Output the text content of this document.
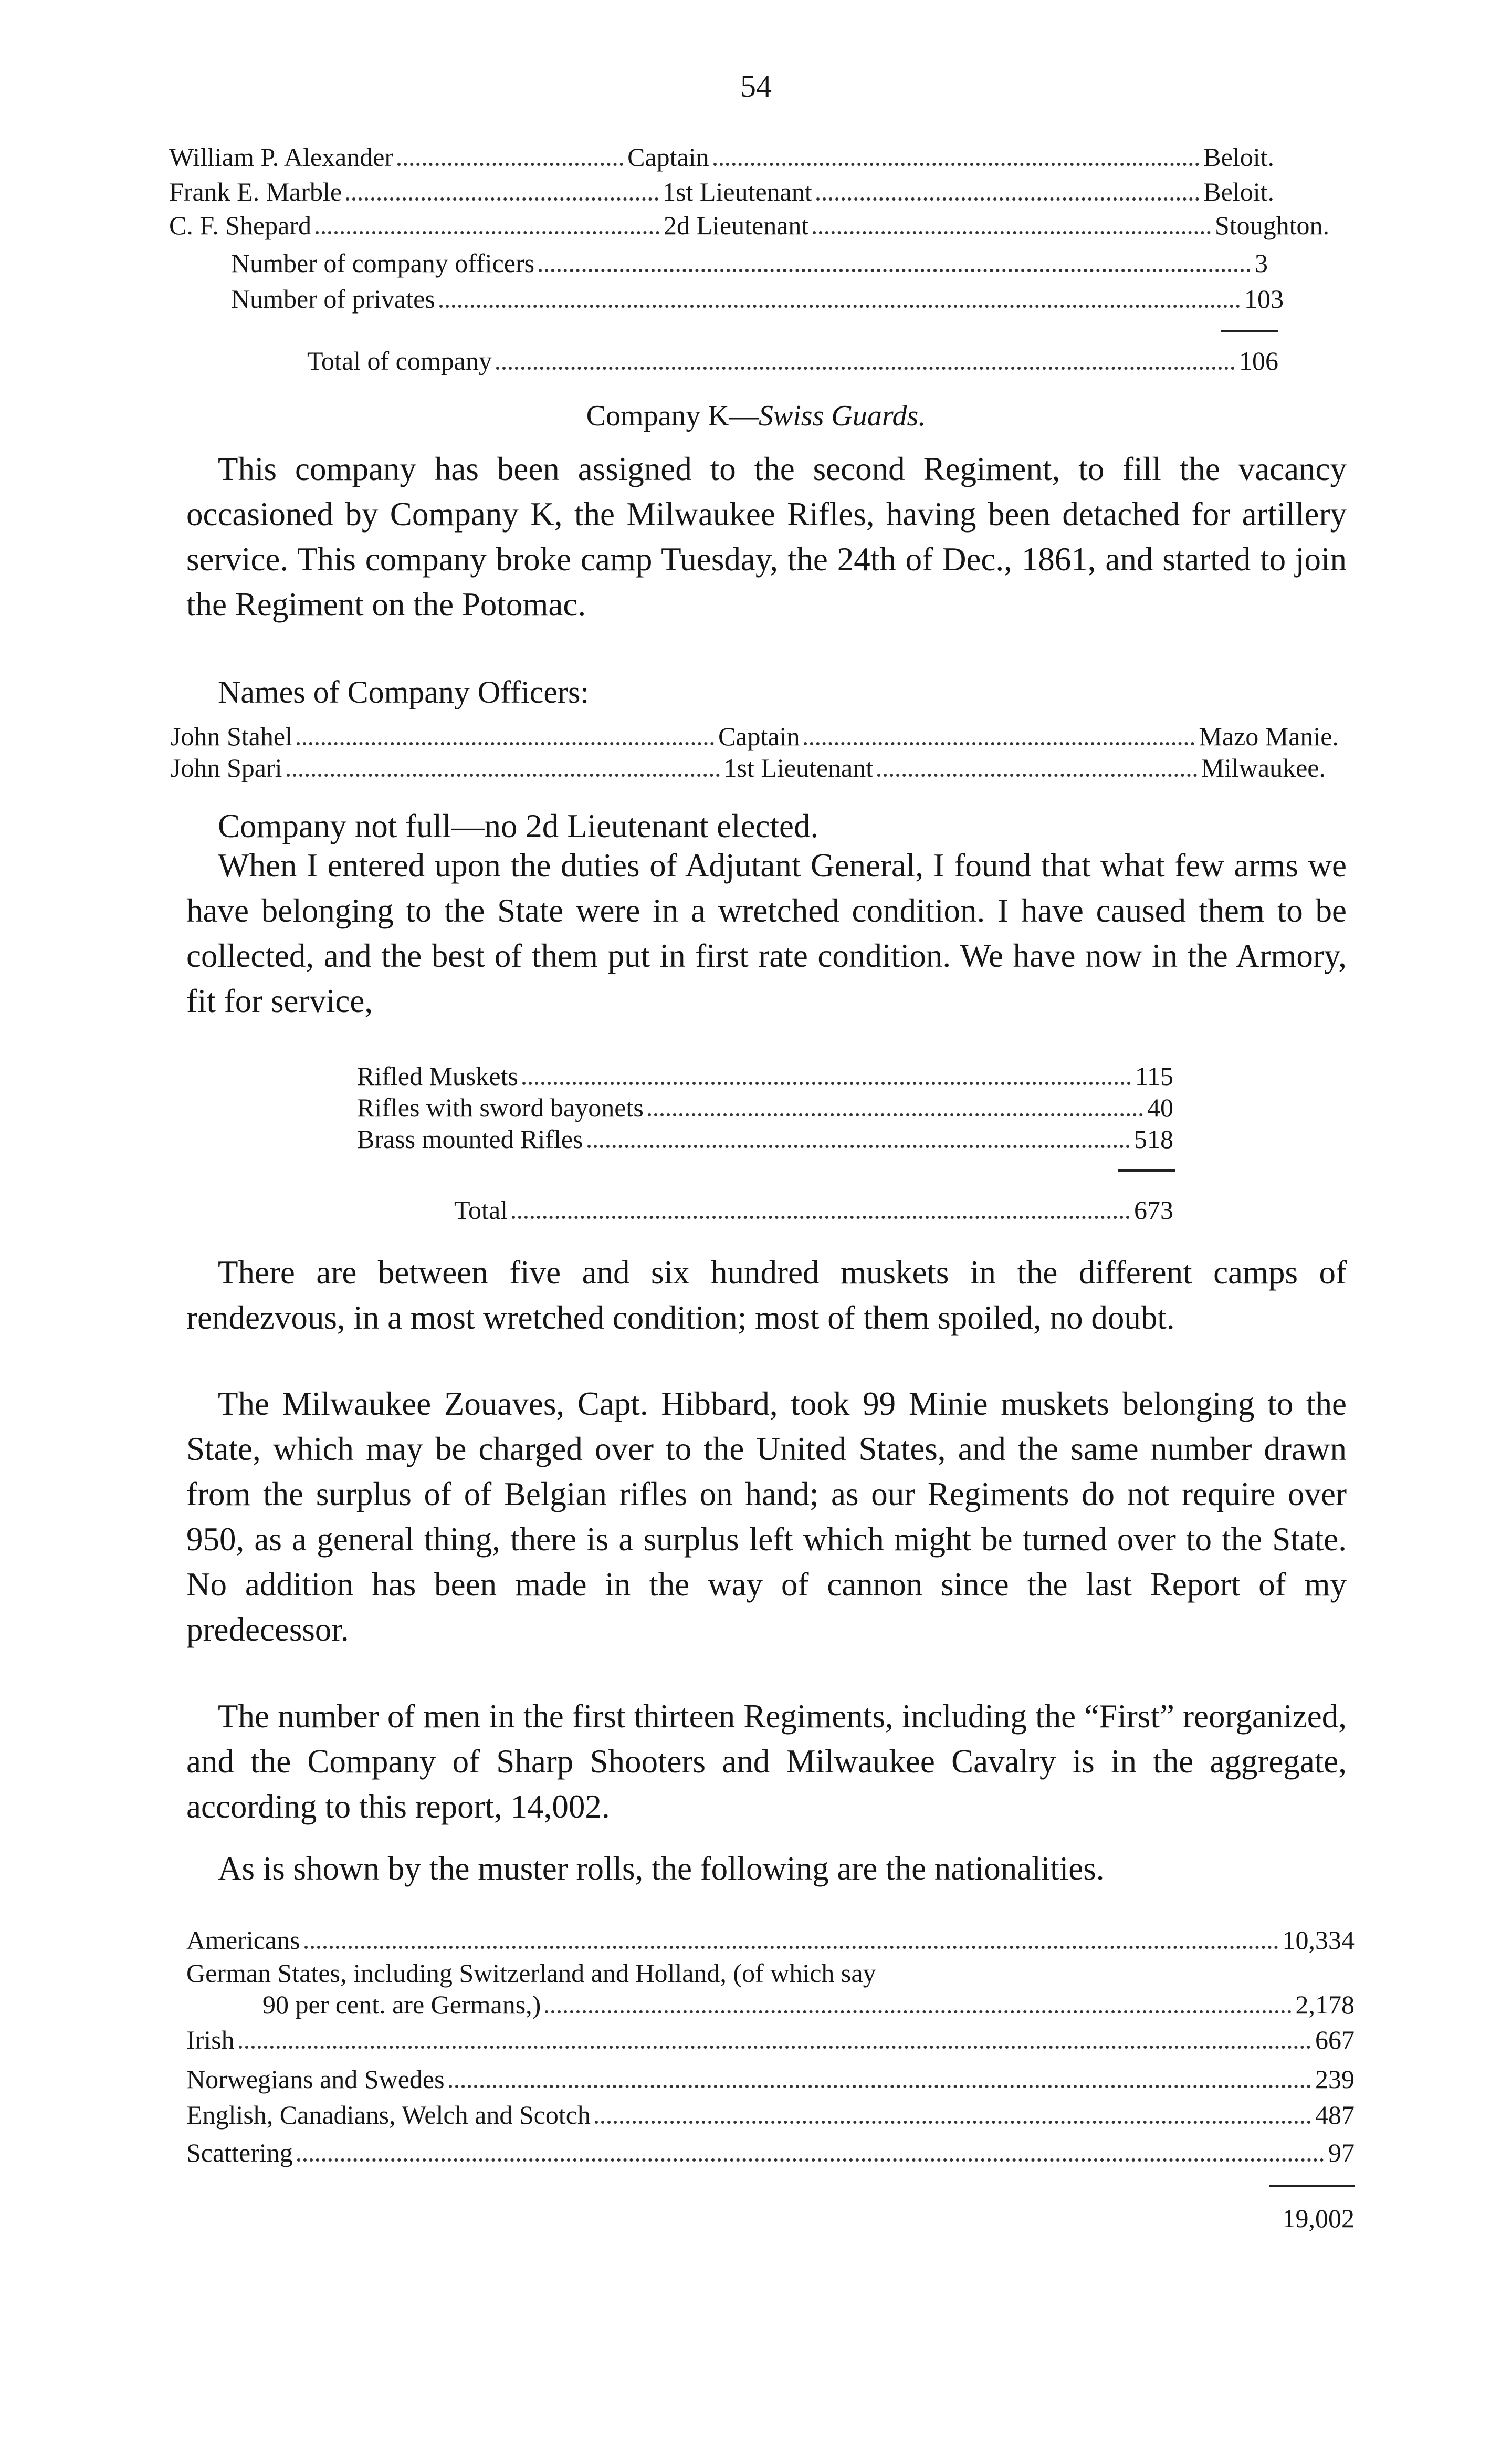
54
William P. Alexander	Captain	Beloit.
Frank E. Marble	1st Lieutenant	Beloit.
C. F. Shepard	2d Lieutenant	Stoughton.
Number of company officers	3
Number of privates	103
Total of company	106
Company K—Swiss Guards.
This company has been assigned to the second Regiment, to fill the vacancy occasioned by Company K, the Milwaukee Rifles, having been detached for artillery service. This company broke camp Tuesday, the 24th of Dec., 1861, and started to join the Regiment on the Potomac.
Names of Company Officers:
John Stahel	Captain	Mazo Manie.
John Spari	1st Lieutenant	Milwaukee.
Company not full—no 2d Lieutenant elected.
When I entered upon the duties of Adjutant General, I found that what few arms we have belonging to the State were in a wretched condition. I have caused them to be collected, and the best of them put in first rate condition. We have now in the Armory, fit for service,
Rifled Muskets	115
Rifles with sword bayonets	40
Brass mounted Rifles	518
Total	673
There are between five and six hundred muskets in the different camps of rendezvous, in a most wretched condition; most of them spoiled, no doubt.
The Milwaukee Zouaves, Capt. Hibbard, took 99 Minie muskets belonging to the State, which may be charged over to the United States, and the same number drawn from the surplus of of Belgian rifles on hand; as our Regiments do not require over 950, as a general thing, there is a surplus left which might be turned over to the State. No addition has been made in the way of cannon since the last Report of my predecessor.
The number of men in the first thirteen Regiments, including the “First” reorganized, and the Company of Sharp Shooters and Milwaukee Cavalry is in the aggregate, according to this report, 14,002.
As is shown by the muster rolls, the following are the nationalities.
Americans	10,334
German States, including Switzerland and Holland, (of which say
90 per cent. are Germans,)	2,178
Irish	667
Norwegians and Swedes	239
English, Canadians, Welch and Scotch	487
Scattering	97
19,002
